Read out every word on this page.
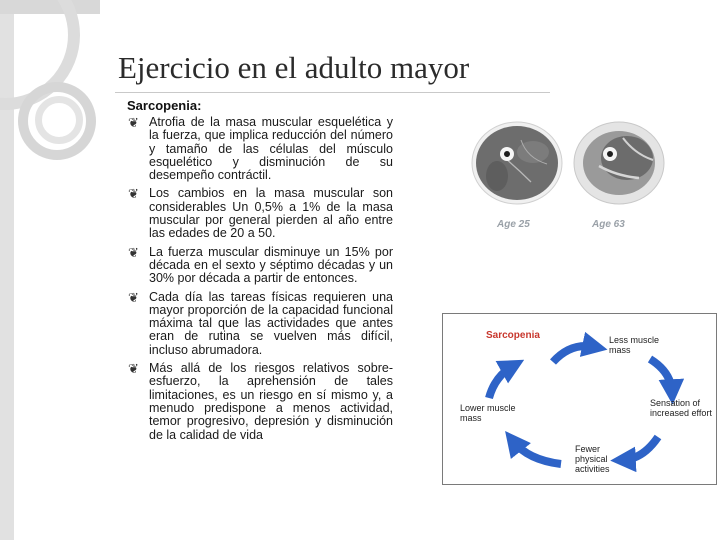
Ejercicio en el adulto mayor

Sarcopenia:

❦ Atrofia de la masa muscular esquelética y la fuerza, que implica reducción del número y tamaño de las células del músculo esquelético y disminución de su desempeño contráctil.
❦ Los cambios en la masa muscular son considerables Un 0,5% a 1% de la masa muscular por general pierden al año entre las edades de 20 a 50.
❦ La fuerza muscular disminuye un 15% por década en el sexto y séptimo décadas y un 30% por década a partir de entonces.
❦ Cada día las tareas físicas requieren una mayor proporción de la capacidad funcional máxima tal que las actividades que antes eran de rutina se vuelven más difícil, incluso abrumadora.
❦ Más allá de los riesgos relativos sobre-esfuerzo, la aprehensión de tales limitaciones, es un riesgo en sí mismo y, a menudo predispone a menos actividad, temor progresivo, depresión y disminución de la calidad de vida
Age 25	Age 63
Sarcopenia	Less muscle mass
Sensation of increased effort
Fewer physical activities
Lower muscle mass
